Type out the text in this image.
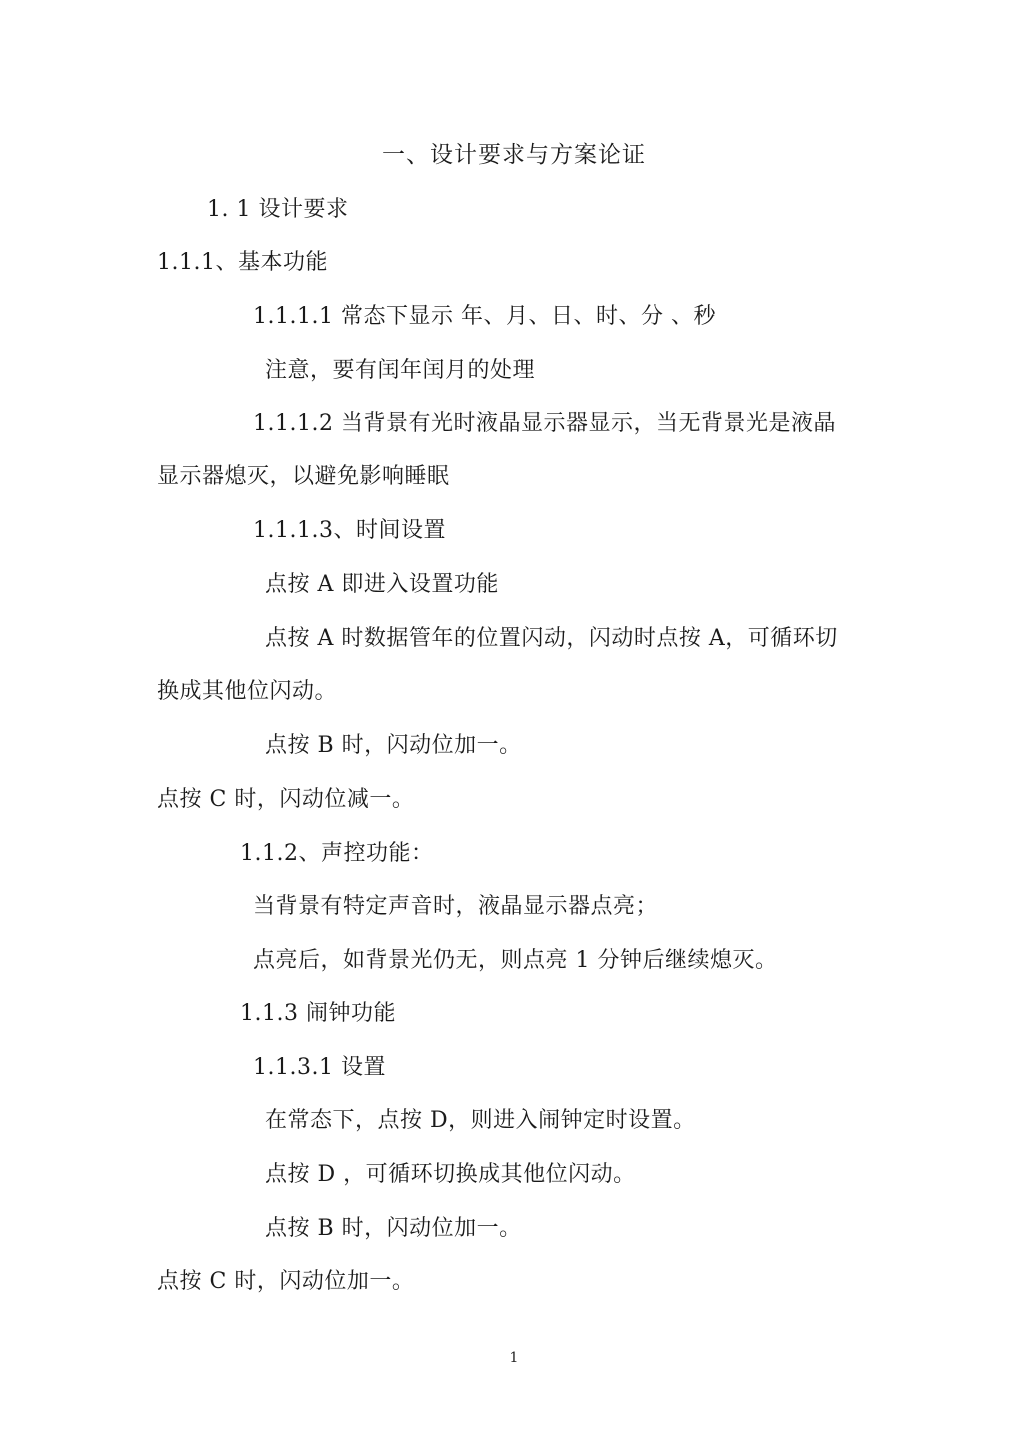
一、设计要求与方案论证
1. 1 设计要求
1.1.1、基本功能
1.1.1.1 常态下显示 年、月、日、时、分 、秒
注意，要有闰年闰月的处理
1.1.1.2 当背景有光时液晶显示器显示，当无背景光是液晶
显示器熄灭，以避免影响睡眠
1.1.1.3、时间设置
点按 A 即进入设置功能
点按 A 时数据管年的位置闪动，闪动时点按 A，可循环切
换成其他位闪动。
点按 B 时，闪动位加一。
点按 C 时，闪动位减一。
1.1.2、声控功能：
当背景有特定声音时，液晶显示器点亮；
点亮后，如背景光仍无，则点亮 1 分钟后继续熄灭。
1.1.3 闹钟功能
1.1.3.1 设置
在常态下，点按 D，则进入闹钟定时设置。
点按 D ，可循环切换成其他位闪动。
点按 B 时，闪动位加一。
点按 C 时，闪动位加一。
1
